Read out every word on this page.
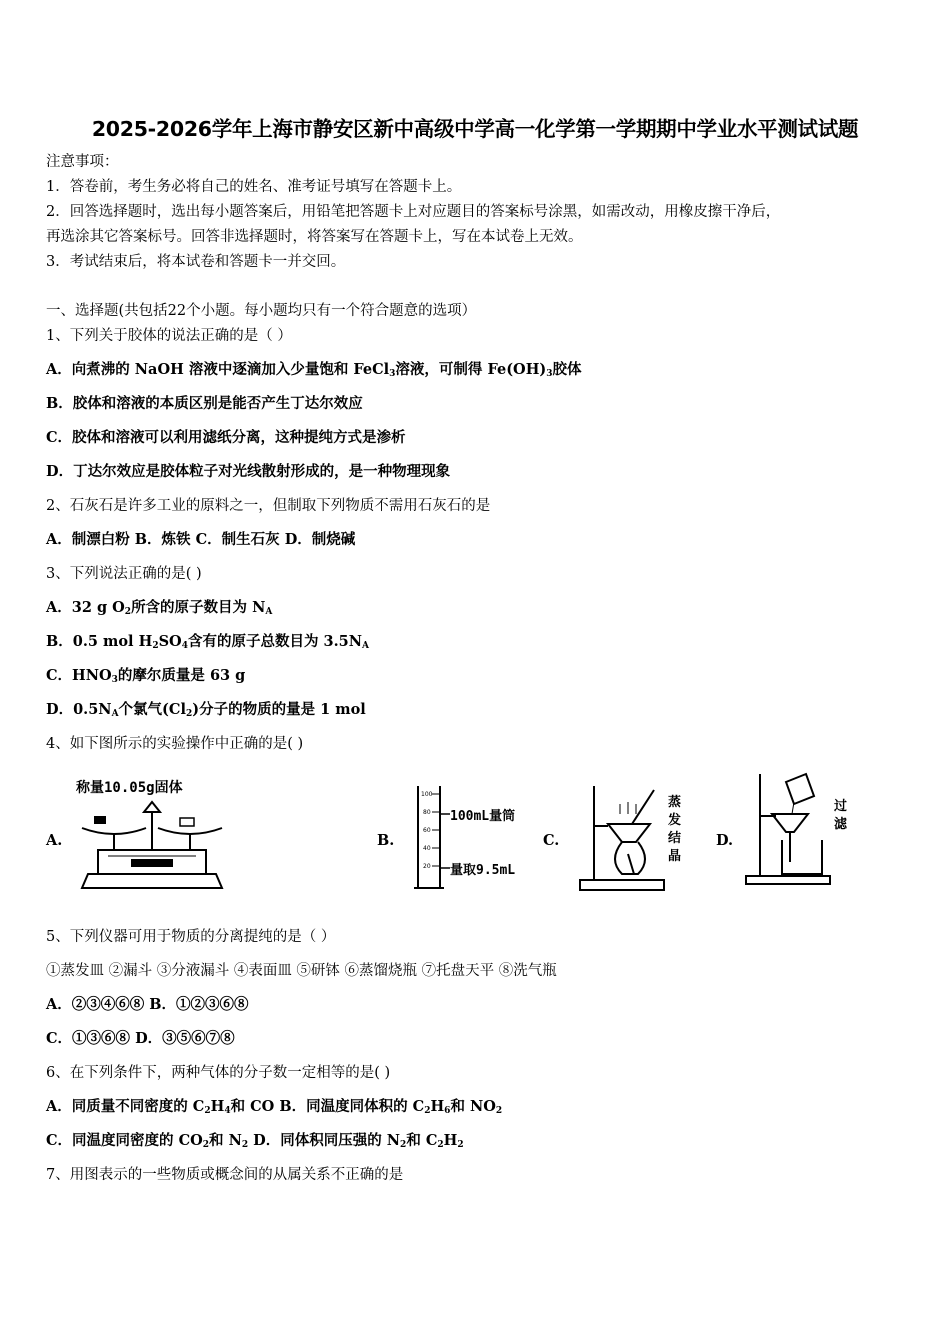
2025-2026学年上海市静安区新中高级中学高一化学第一学期期中学业水平测试试题
注意事项：
1．答卷前，考生务必将自己的姓名、准考证号填写在答题卡上。
2．回答选择题时，选出每小题答案后，用铅笔把答题卡上对应题目的答案标号涂黑，如需改动，用橡皮擦干净后，
再选涂其它答案标号。回答非选择题时，将答案写在答题卡上，写在本试卷上无效。
3．考试结束后，将本试卷和答题卡一并交回。
一、选择题(共包括22个小题。每小题均只有一个符合题意的选项）
1、下列关于胶体的说法正确的是（ ）
A．向煮沸的 NaOH 溶液中逐滴加入少量饱和 FeCl$_3$溶液，可制得 $Fe(OH)_3$胶体
B．胶体和溶液的本质区别是能否产生丁达尔效应
C．胶体和溶液可以利用滤纸分离，这种提纯方式是渗析
D．丁达尔效应是胶体粒子对光线散射形成的，是一种物理现象
2、石灰石是许多工业的原料之一，但制取下列物质不需用石灰石的是
A．制漂白粉 B．炼铁 C．制生石灰 D．制烧碱
3、下列说法正确的是( )
A．32 g $O_2$所含的原子数目为 $N_A$
B．0.5 mol $H_2SO_4$含有的原子总数目为 $3.5N_A$
C．$HNO_3$的摩尔质量是 63 g
D．$0.5N_A$个氯气$(Cl_2)$分子的物质的量是 1 mol
4、如下图所示的实验操作中正确的是( )
A.	B.	C.	D.
称量10.05g固体	100
80
60
40
20
100mL量筒
量取9.5mL
蒸
发
结
晶
过
滤
5、下列仪器可用于物质的分离提纯的是（ ）
①蒸发皿 ②漏斗 ③分液漏斗 ④表面皿 ⑤研钵 ⑥蒸馏烧瓶 ⑦托盘天平 ⑧洗气瓶
A．②③④⑥⑧ B．①②③⑥⑧
C．①③⑥⑧ D．③⑤⑥⑦⑧
6、在下列条件下，两种气体的分子数一定相等的是( )
A．同质量不同密度的 $C_2H_4$和 CO B．同温度同体积的 $C_2H_6$和 $NO_2$
C．同温度同密度的 $CO_2$和 $N_2$ D．同体积同压强的 $N_2$和 $C_2H_2$
7、用图表示的一些物质或概念间的从属关系不正确的是
